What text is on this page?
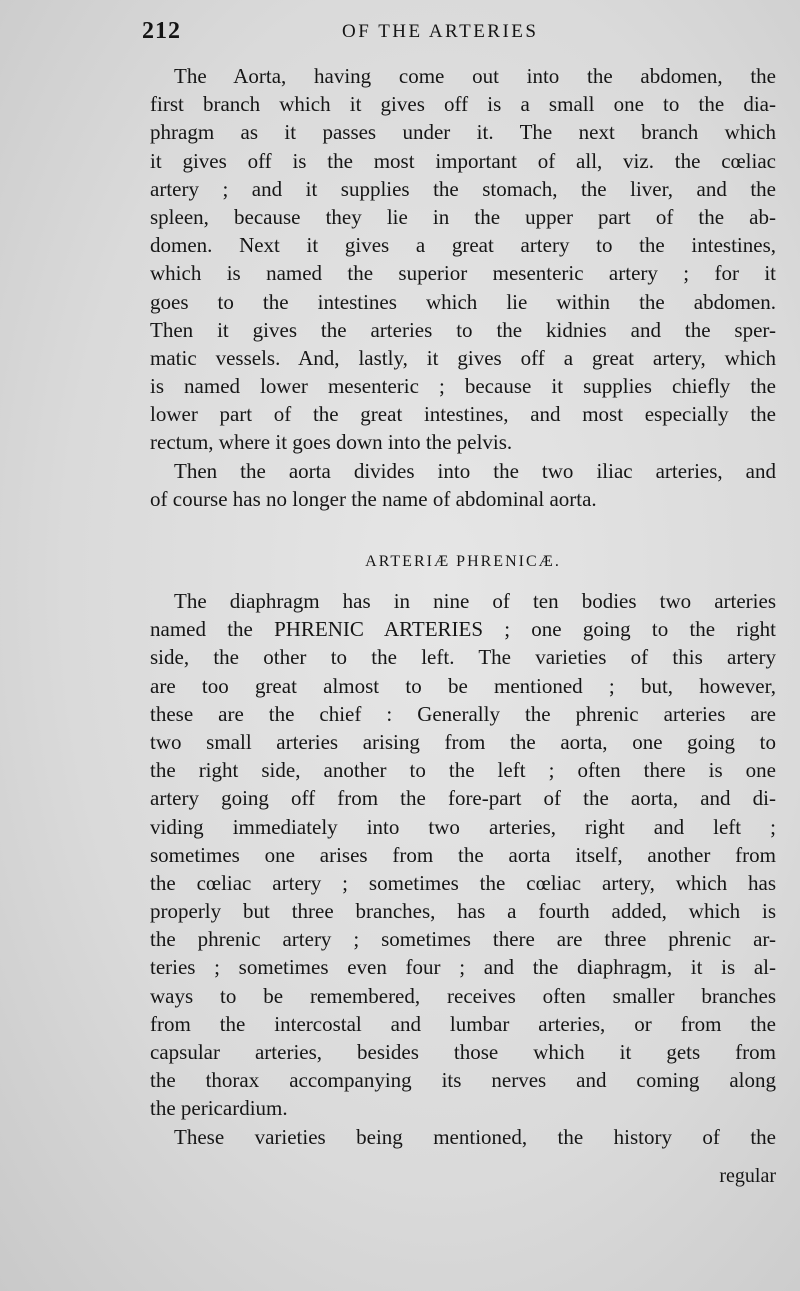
212	OF THE ARTERIES
The Aorta, having come out into the abdomen, the
first branch which it gives off is a small one to the dia-
phragm as it passes under it. The next branch which
it gives off is the most important of all, viz. the cœliac
artery ; and it supplies the stomach, the liver, and the
spleen, because they lie in the upper part of the ab-
domen. Next it gives a great artery to the intestines,
which is named the superior mesenteric artery ; for it
goes to the intestines which lie within the abdomen.
Then it gives the arteries to the kidnies and the sper-
matic vessels. And, lastly, it gives off a great artery, which
is named lower mesenteric ; because it supplies chiefly the
lower part of the great intestines, and most especially the
rectum, where it goes down into the pelvis.
Then the aorta divides into the two iliac arteries, and
of course has no longer the name of abdominal aorta.
ARTERIÆ PHRENICÆ.
The diaphragm has in nine of ten bodies two arteries
named the PHRENIC ARTERIES ; one going to the right
side, the other to the left. The varieties of this artery
are too great almost to be mentioned ; but, however,
these are the chief : Generally the phrenic arteries are
two small arteries arising from the aorta, one going to
the right side, another to the left ; often there is one
artery going off from the fore-part of the aorta, and di-
viding immediately into two arteries, right and left ;
sometimes one arises from the aorta itself, another from
the cœliac artery ; sometimes the cœliac artery, which has
properly but three branches, has a fourth added, which is
the phrenic artery ; sometimes there are three phrenic ar-
teries ; sometimes even four ; and the diaphragm, it is al-
ways to be remembered, receives often smaller branches
from the intercostal and lumbar arteries, or from the
capsular arteries, besides those which it gets from
the thorax accompanying its nerves and coming along
the pericardium.
These varieties being mentioned, the history of the
regular
